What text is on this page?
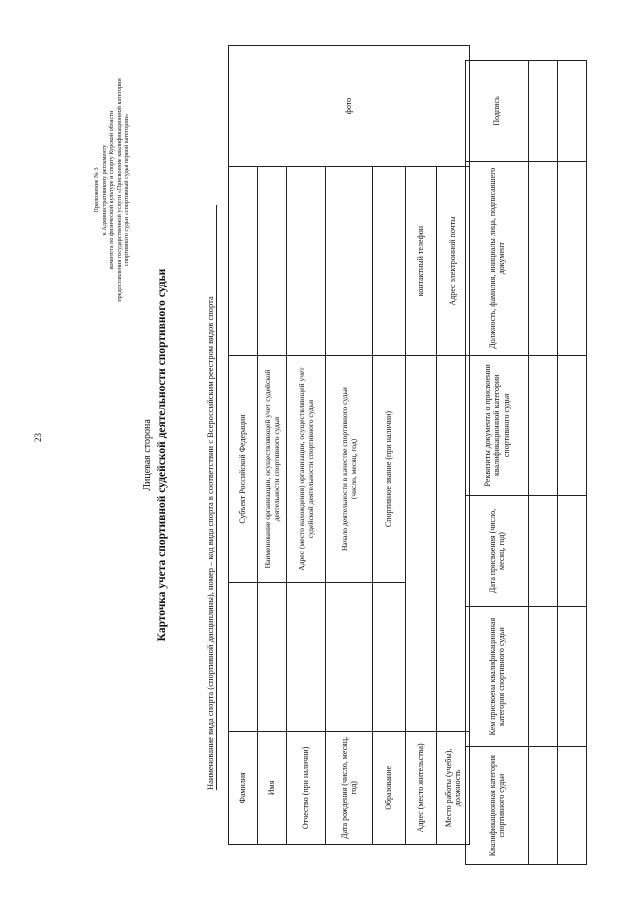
23
Приложение № 3 к Административному регламенту комитета по физической культуре и спорту Курской области предоставления государственной услуги «Присвоение квалификационной категории спортивного судьи «спортивный судья первой категории»
Лицевая сторона Карточка учета спортивной судейской деятельности спортивного судьи	Наименование вида спорта (спортивной дисциплины), номер – код вида спорта в соответствии с Всероссийским реестром видов спорта	Фамилия		Субъект Российской Федерации		фото
Имя		Наименование организации, осуществляющей учет судейской деятельности спортивного судьи		
Отчество (при наличии)		Адрес (место нахождения) организации, осуществляющей учет судейской деятельности спортивного судьи		
Дата рождения (число, месяц, год)		Начало деятельности в качестве спортивного судьи (число, месяц, год)		

Образование		Спортивное звание (при наличии)		
Адрес (место жительства)			контактный телефон	
Место работы (учебы), должность			Адрес электронной почты	
Квалификационная категория спортивного судьи	Кем присвоена квалификационная категория спортивного судьи	Дата присвоения (число, месяц, год)	Реквизиты документа о присвоении квалификационной категории спортивного судьи	Должность, фамилия, инициалы лица, подписавшего документ	Подпись
